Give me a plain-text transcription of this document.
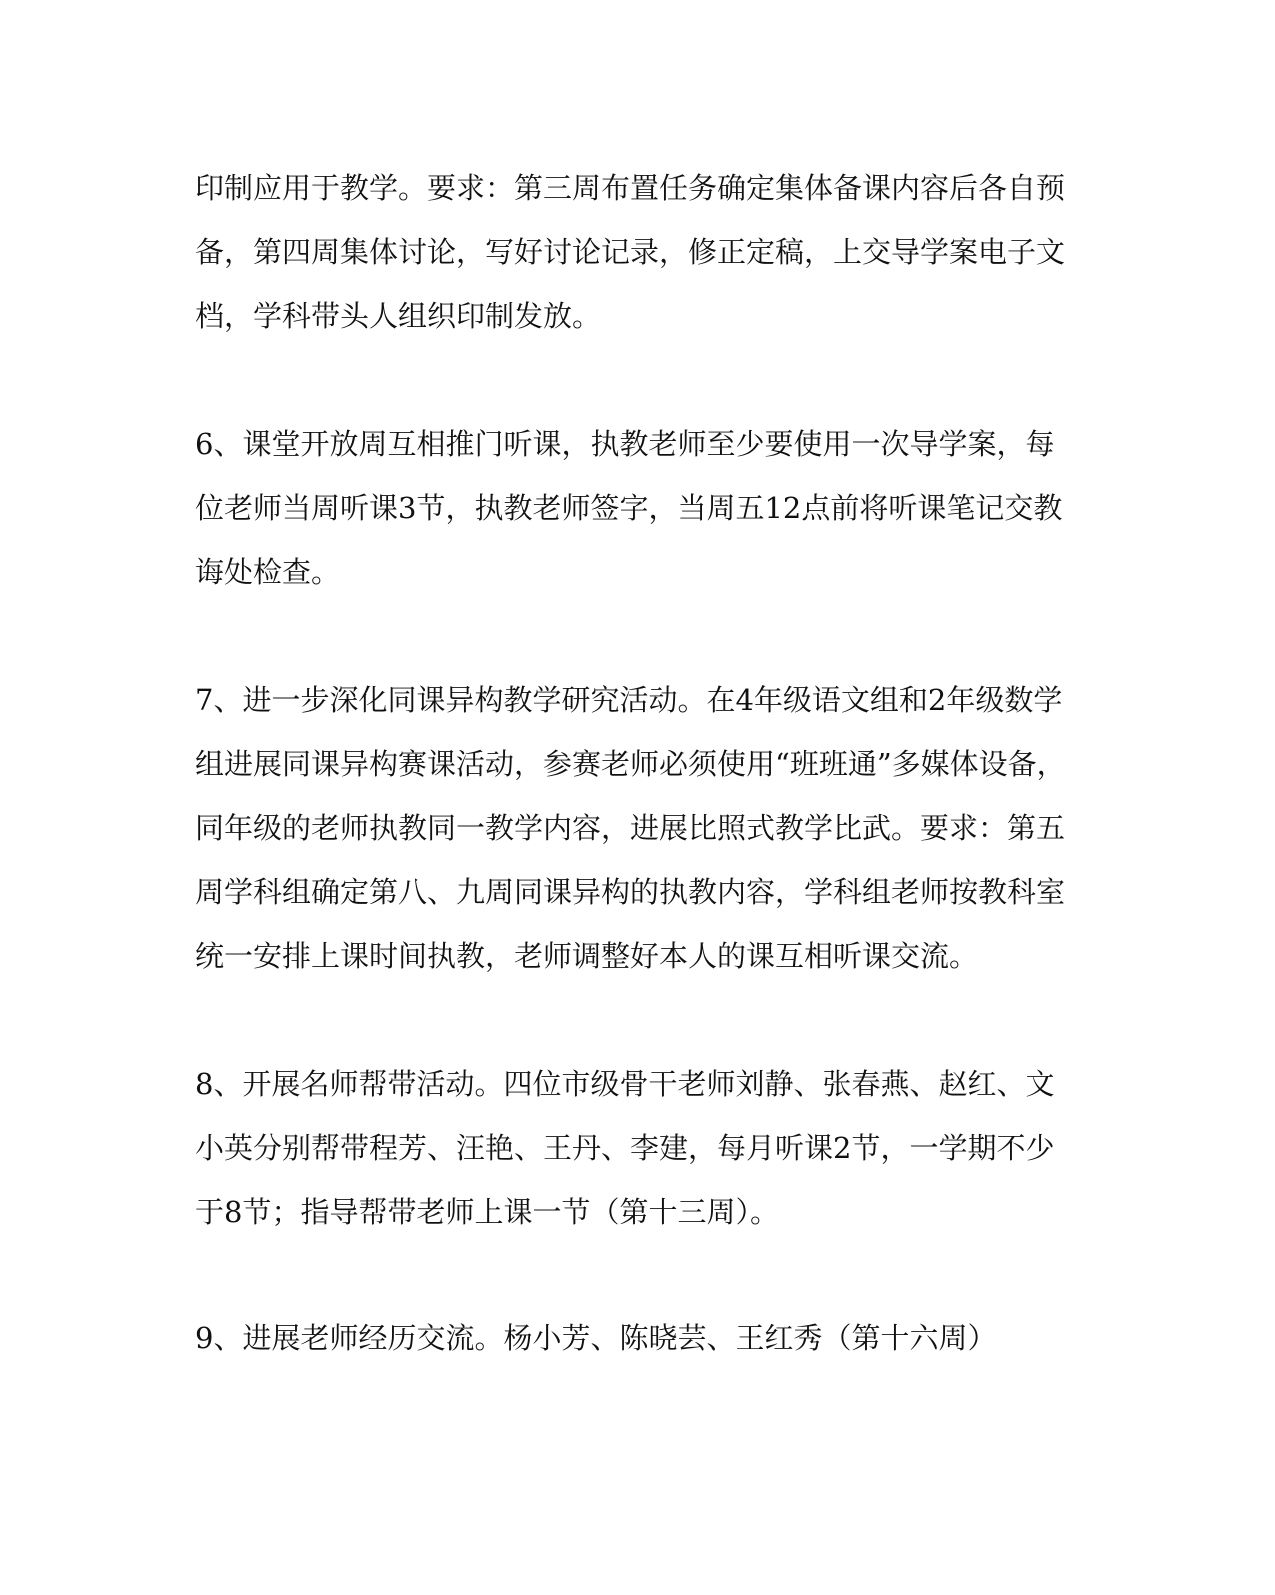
印制应用于教学。要求：第三周布置任务确定集体备课内容后各自预
备，第四周集体讨论，写好讨论记录，修正定稿，上交导学案电子文
档，学科带头人组织印制发放。
6、课堂开放周互相推门听课，执教老师至少要使用一次导学案，每
位老师当周听课3节，执教老师签字，当周五12点前将听课笔记交教
诲处检查。
7、进一步深化同课异构教学研究活动。在4年级语文组和2年级数学
组进展同课异构赛课活动，参赛老师必须使用“班班通”多媒体设备，
同年级的老师执教同一教学内容，进展比照式教学比武。要求：第五
周学科组确定第八、九周同课异构的执教内容，学科组老师按教科室
统一安排上课时间执教，老师调整好本人的课互相听课交流。
8、开展名师帮带活动。四位市级骨干老师刘静、张春燕、赵红、文
小英分别帮带程芳、汪艳、王丹、李建，每月听课2节，一学期不少
于8节；指导帮带老师上课一节（第十三周）。
9、进展老师经历交流。杨小芳、陈晓芸、王红秀（第十六周）
